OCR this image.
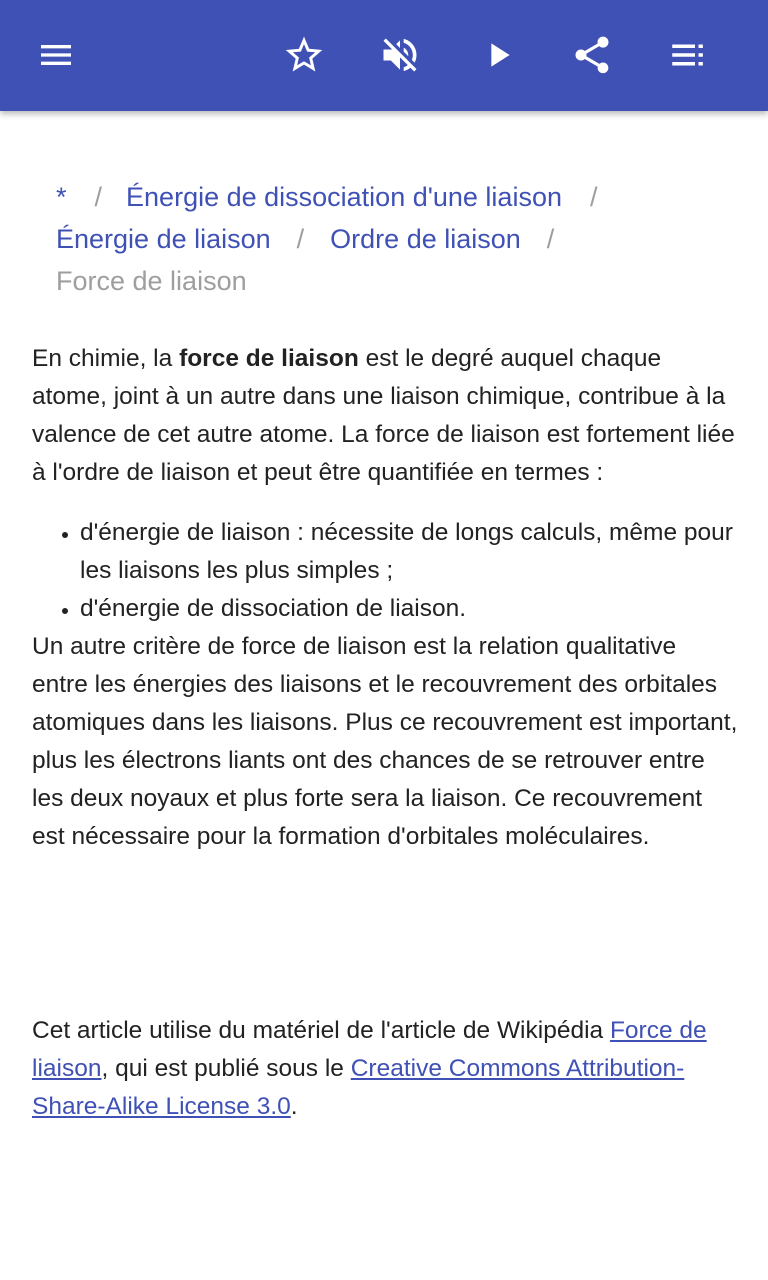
* / Énergie de dissociation d'une liaison /
Énergie de liaison / Ordre de liaison /
Force de liaison

En chimie, la force de liaison est le degré auquel chaque atome, joint à un autre dans une liaison chimique, contribue à la valence de cet autre atome. La force de liaison est fortement liée à l'ordre de liaison et peut être quantifiée en termes :

• d'énergie de liaison : nécessite de longs calculs, même pour les liaisons les plus simples ;
• d'énergie de dissociation de liaison.

Un autre critère de force de liaison est la relation qualitative entre les énergies des liaisons et le recouvrement des orbitales atomiques dans les liaisons. Plus ce recouvrement est important, plus les électrons liants ont des chances de se retrouver entre les deux noyaux et plus forte sera la liaison. Ce recouvrement est nécessaire pour la formation d'orbitales moléculaires.

Cet article utilise du matériel de l'article de Wikipédia Force de liaison, qui est publié sous le Creative Commons Attribution-Share-Alike License 3.0.
